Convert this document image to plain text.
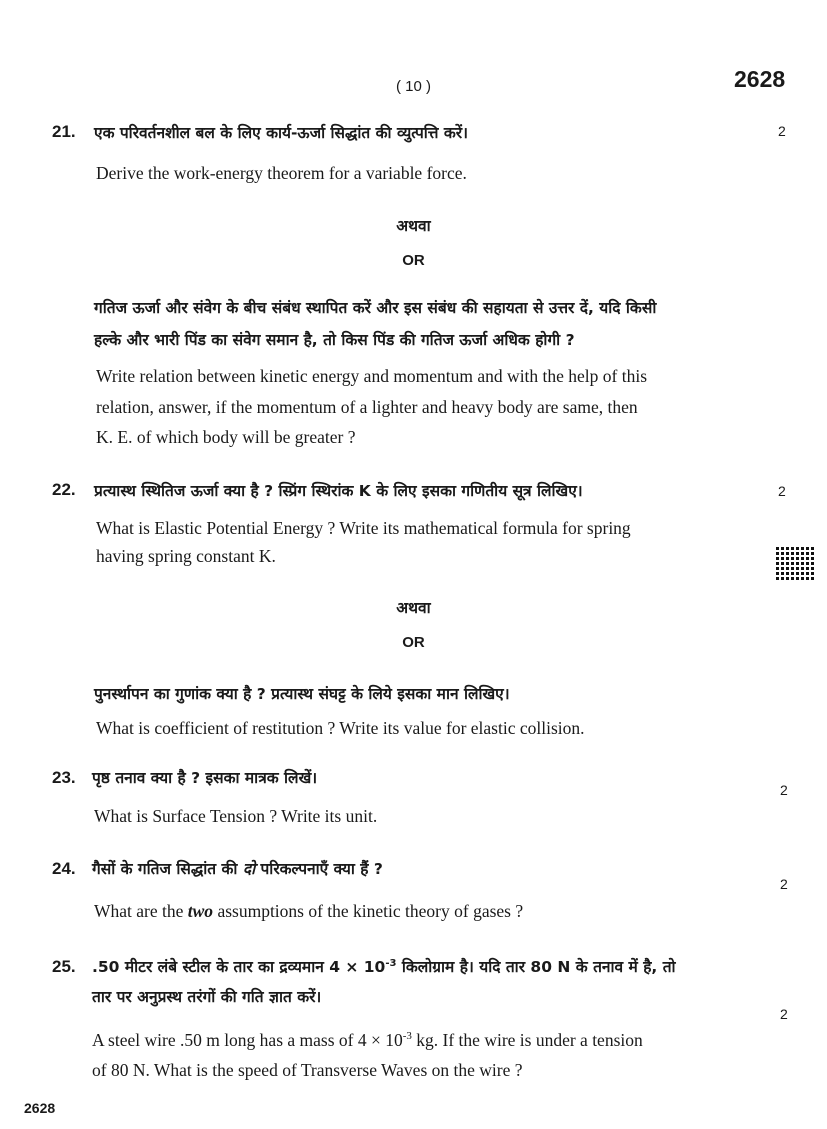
( 10 )	2628
21. एक परिवर्तनशील बल के लिए कार्य-ऊर्जा सिद्धांत की व्युत्पत्ति करें।	2
Derive the work-energy theorem for a variable force.
अथवा
OR
गतिज ऊर्जा और संवेग के बीच संबंध स्थापित करें और इस संबंध की सहायता से उत्तर दें, यदि किसी
हल्के और भारी पिंड का संवेग समान है, तो किस पिंड की गतिज ऊर्जा अधिक होगी ?
Write relation between kinetic energy and momentum and with the help of this
relation, answer, if the momentum of a lighter and heavy body are same, then
K. E. of which body will be greater ?
22. प्रत्यास्थ स्थितिज ऊर्जा क्या है ? स्प्रिंग स्थिरांक K के लिए इसका गणितीय सूत्र लिखिए।	2
What is Elastic Potential Energy ? Write its mathematical formula for spring
having spring constant K.
अथवा
OR
पुनर्स्थापन का गुणांक क्या है ? प्रत्यास्थ संघट्ट के लिये इसका मान लिखिए।
What is coefficient of restitution ? Write its value for elastic collision.
23. पृष्ठ तनाव क्या है ? इसका मात्रक लिखें।
2
What is Surface Tension ? Write its unit.
24. गैसों के गतिज सिद्धांत की दो परिकल्पनाएँ क्या हैं ?
2
What are the two assumptions of the kinetic theory of gases ?
25. .50 मीटर लंबे स्टील के तार का द्रव्यमान $4 \times 10^{-3}$ किलोग्राम है। यदि तार 80 N के तनाव में है, तो
तार पर अनुप्रस्थ तरंगों की गति ज्ञात करें।
2
A steel wire .50 m long has a mass of $4 \times 10^{-3}$ kg. If the wire is under a tension
of 80 N. What is the speed of Transverse Waves on the wire ?
2628
